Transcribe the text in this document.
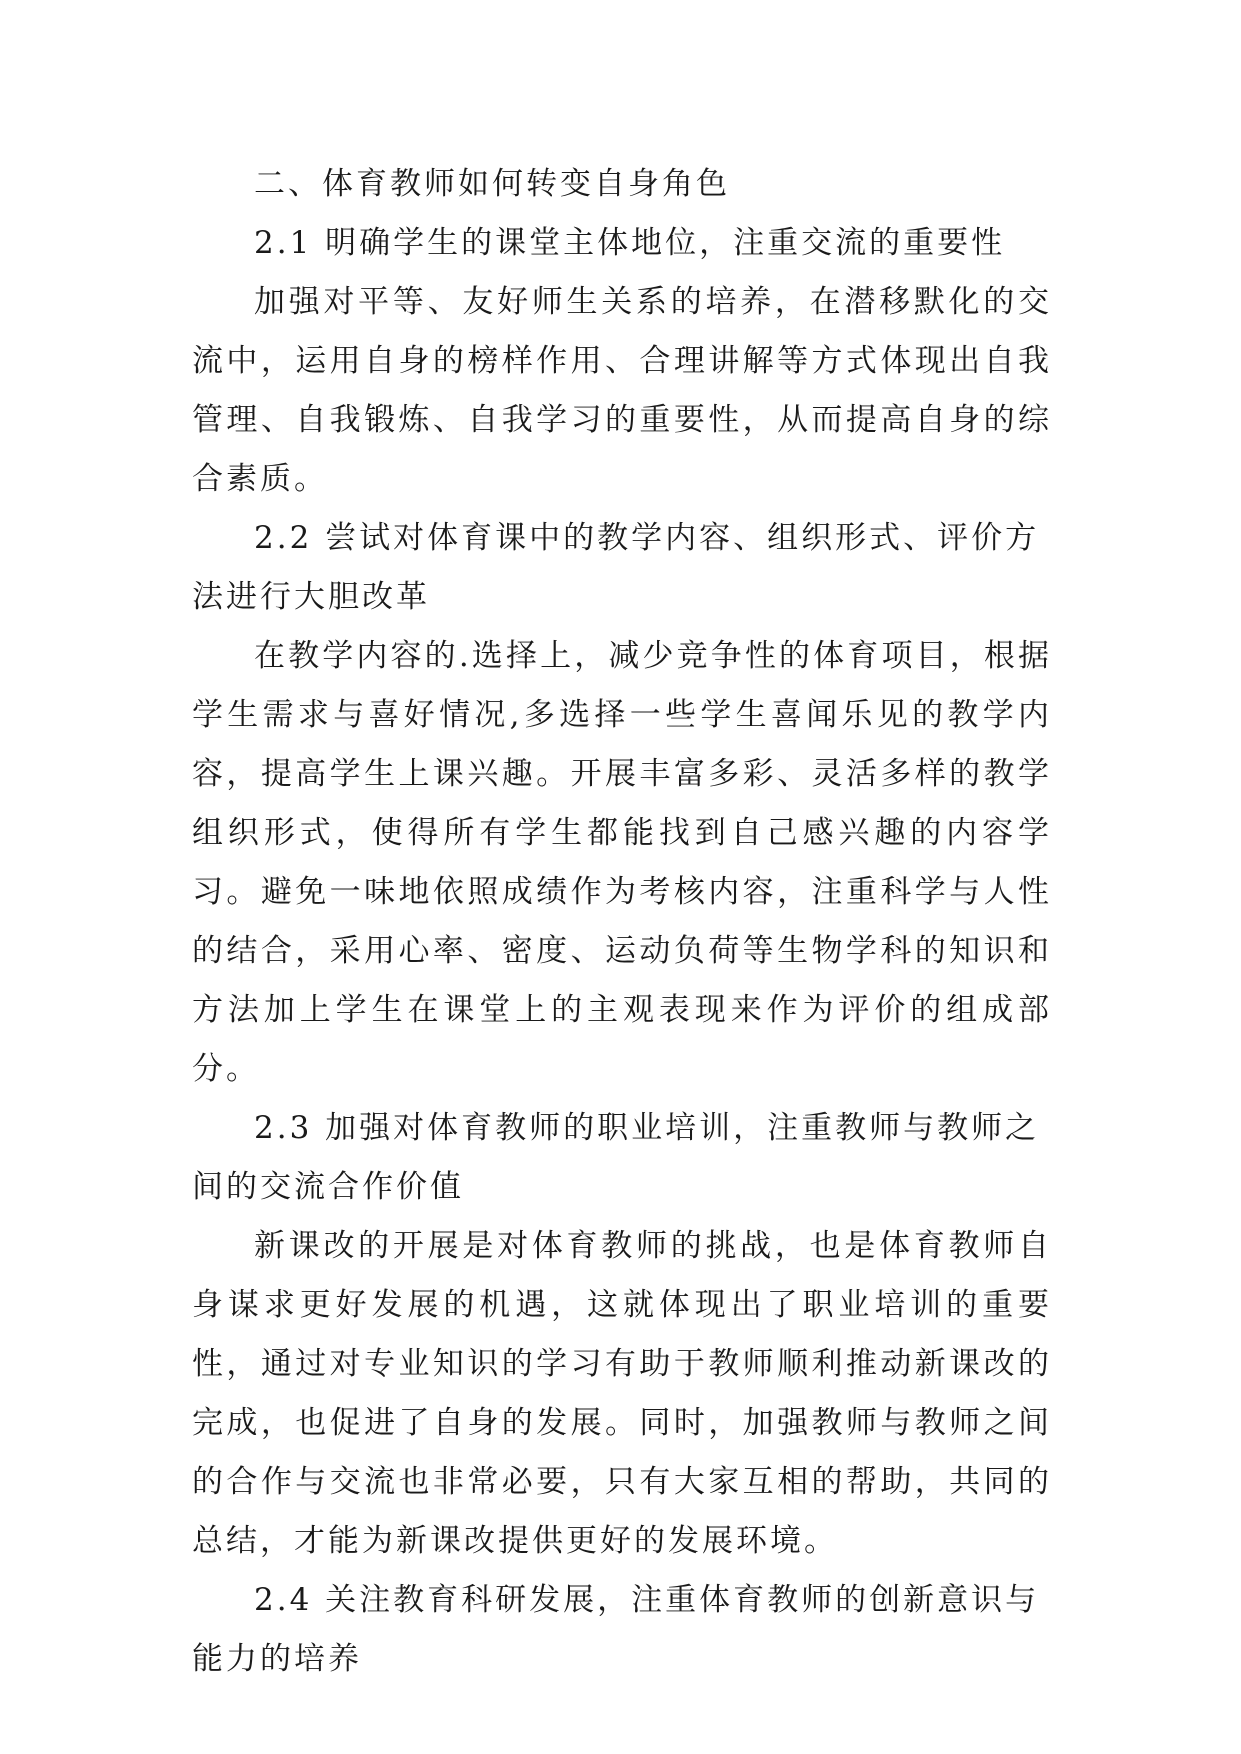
二、体育教师如何转变自身角色

2.1 明确学生的课堂主体地位，注重交流的重要性

加强对平等、友好师生关系的培养，在潜移默化的交流中，运用自身的榜样作用、合理讲解等方式体现出自我管理、自我锻炼、自我学习的重要性，从而提高自身的综合素质。

2.2 尝试对体育课中的教学内容、组织形式、评价方法进行大胆改革

在教学内容的.选择上，减少竞争性的体育项目，根据学生需求与喜好情况,多选择一些学生喜闻乐见的教学内容，提高学生上课兴趣。开展丰富多彩、灵活多样的教学组织形式，使得所有学生都能找到自己感兴趣的内容学习。避免一味地依照成绩作为考核内容，注重科学与人性的结合，采用心率、密度、运动负荷等生物学科的知识和方法加上学生在课堂上的主观表现来作为评价的组成部分。

2.3 加强对体育教师的职业培训，注重教师与教师之间的交流合作价值

新课改的开展是对体育教师的挑战，也是体育教师自身谋求更好发展的机遇，这就体现出了职业培训的重要性，通过对专业知识的学习有助于教师顺利推动新课改的完成，也促进了自身的发展。同时，加强教师与教师之间的合作与交流也非常必要，只有大家互相的帮助，共同的总结，才能为新课改提供更好的发展环境。

2.4 关注教育科研发展，注重体育教师的创新意识与能力的培养
